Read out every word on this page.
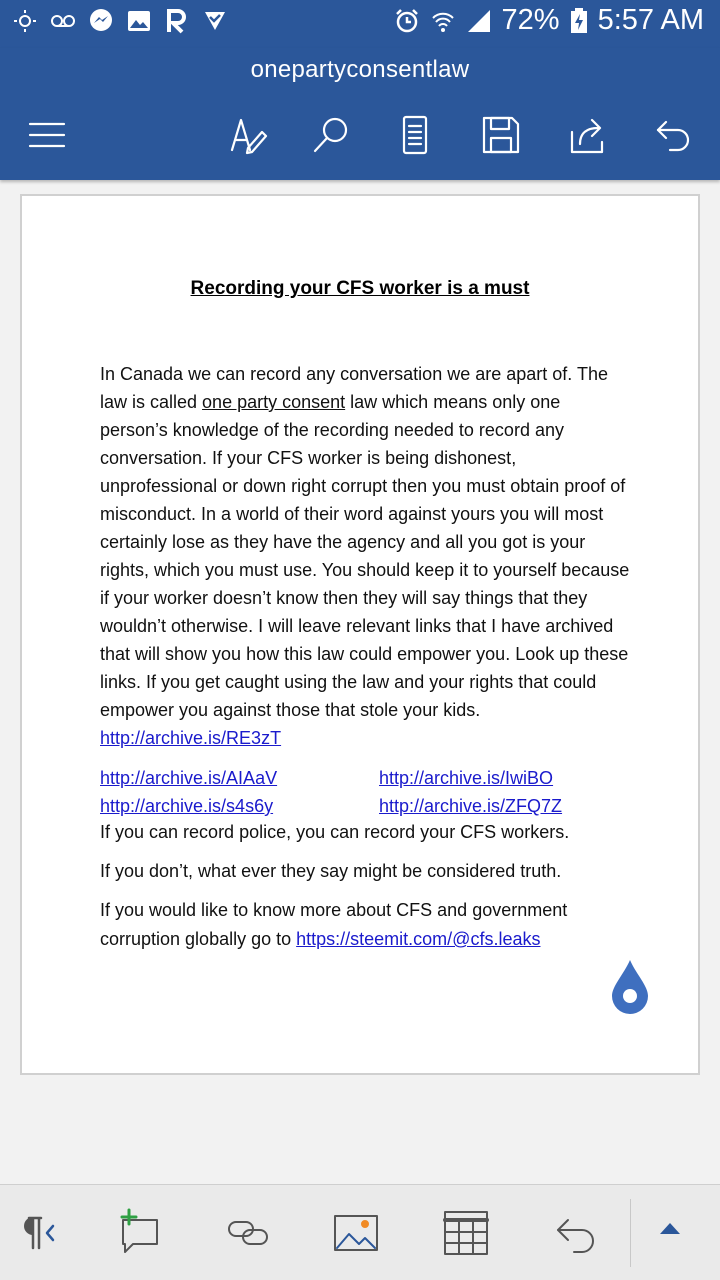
72% 5:57 AM
onepartyconsentlaw
Recording your CFS worker is a must
In Canada we can record any conversation we are apart of. The law is called one party consent law which means only one person’s knowledge of the recording needed to record any conversation. If your CFS worker is being dishonest, unprofessional or down right corrupt then you must obtain proof of misconduct. In a world of their word against yours you will most certainly lose as they have the agency and all you got is your rights, which you must use. You should keep it to yourself because if your worker doesn’t know then they will say things that they wouldn’t otherwise. I will leave relevant links that I have archived that will show you how this law could empower you. Look up these links. If you get caught using the law and your rights that could empower you against those that stole your kids.http://archive.is/RE3zT
http://archive.is/AIAaV	http://archive.is/IwiBO
http://archive.is/s4s6y	http://archive.is/ZFQ7Z
If you can record police, you can record your CFS workers.
If you don’t, what ever they say might be considered truth.
If you would like to know more about CFS and government corruption globally go to https://steemit.com/@cfs.leaks
